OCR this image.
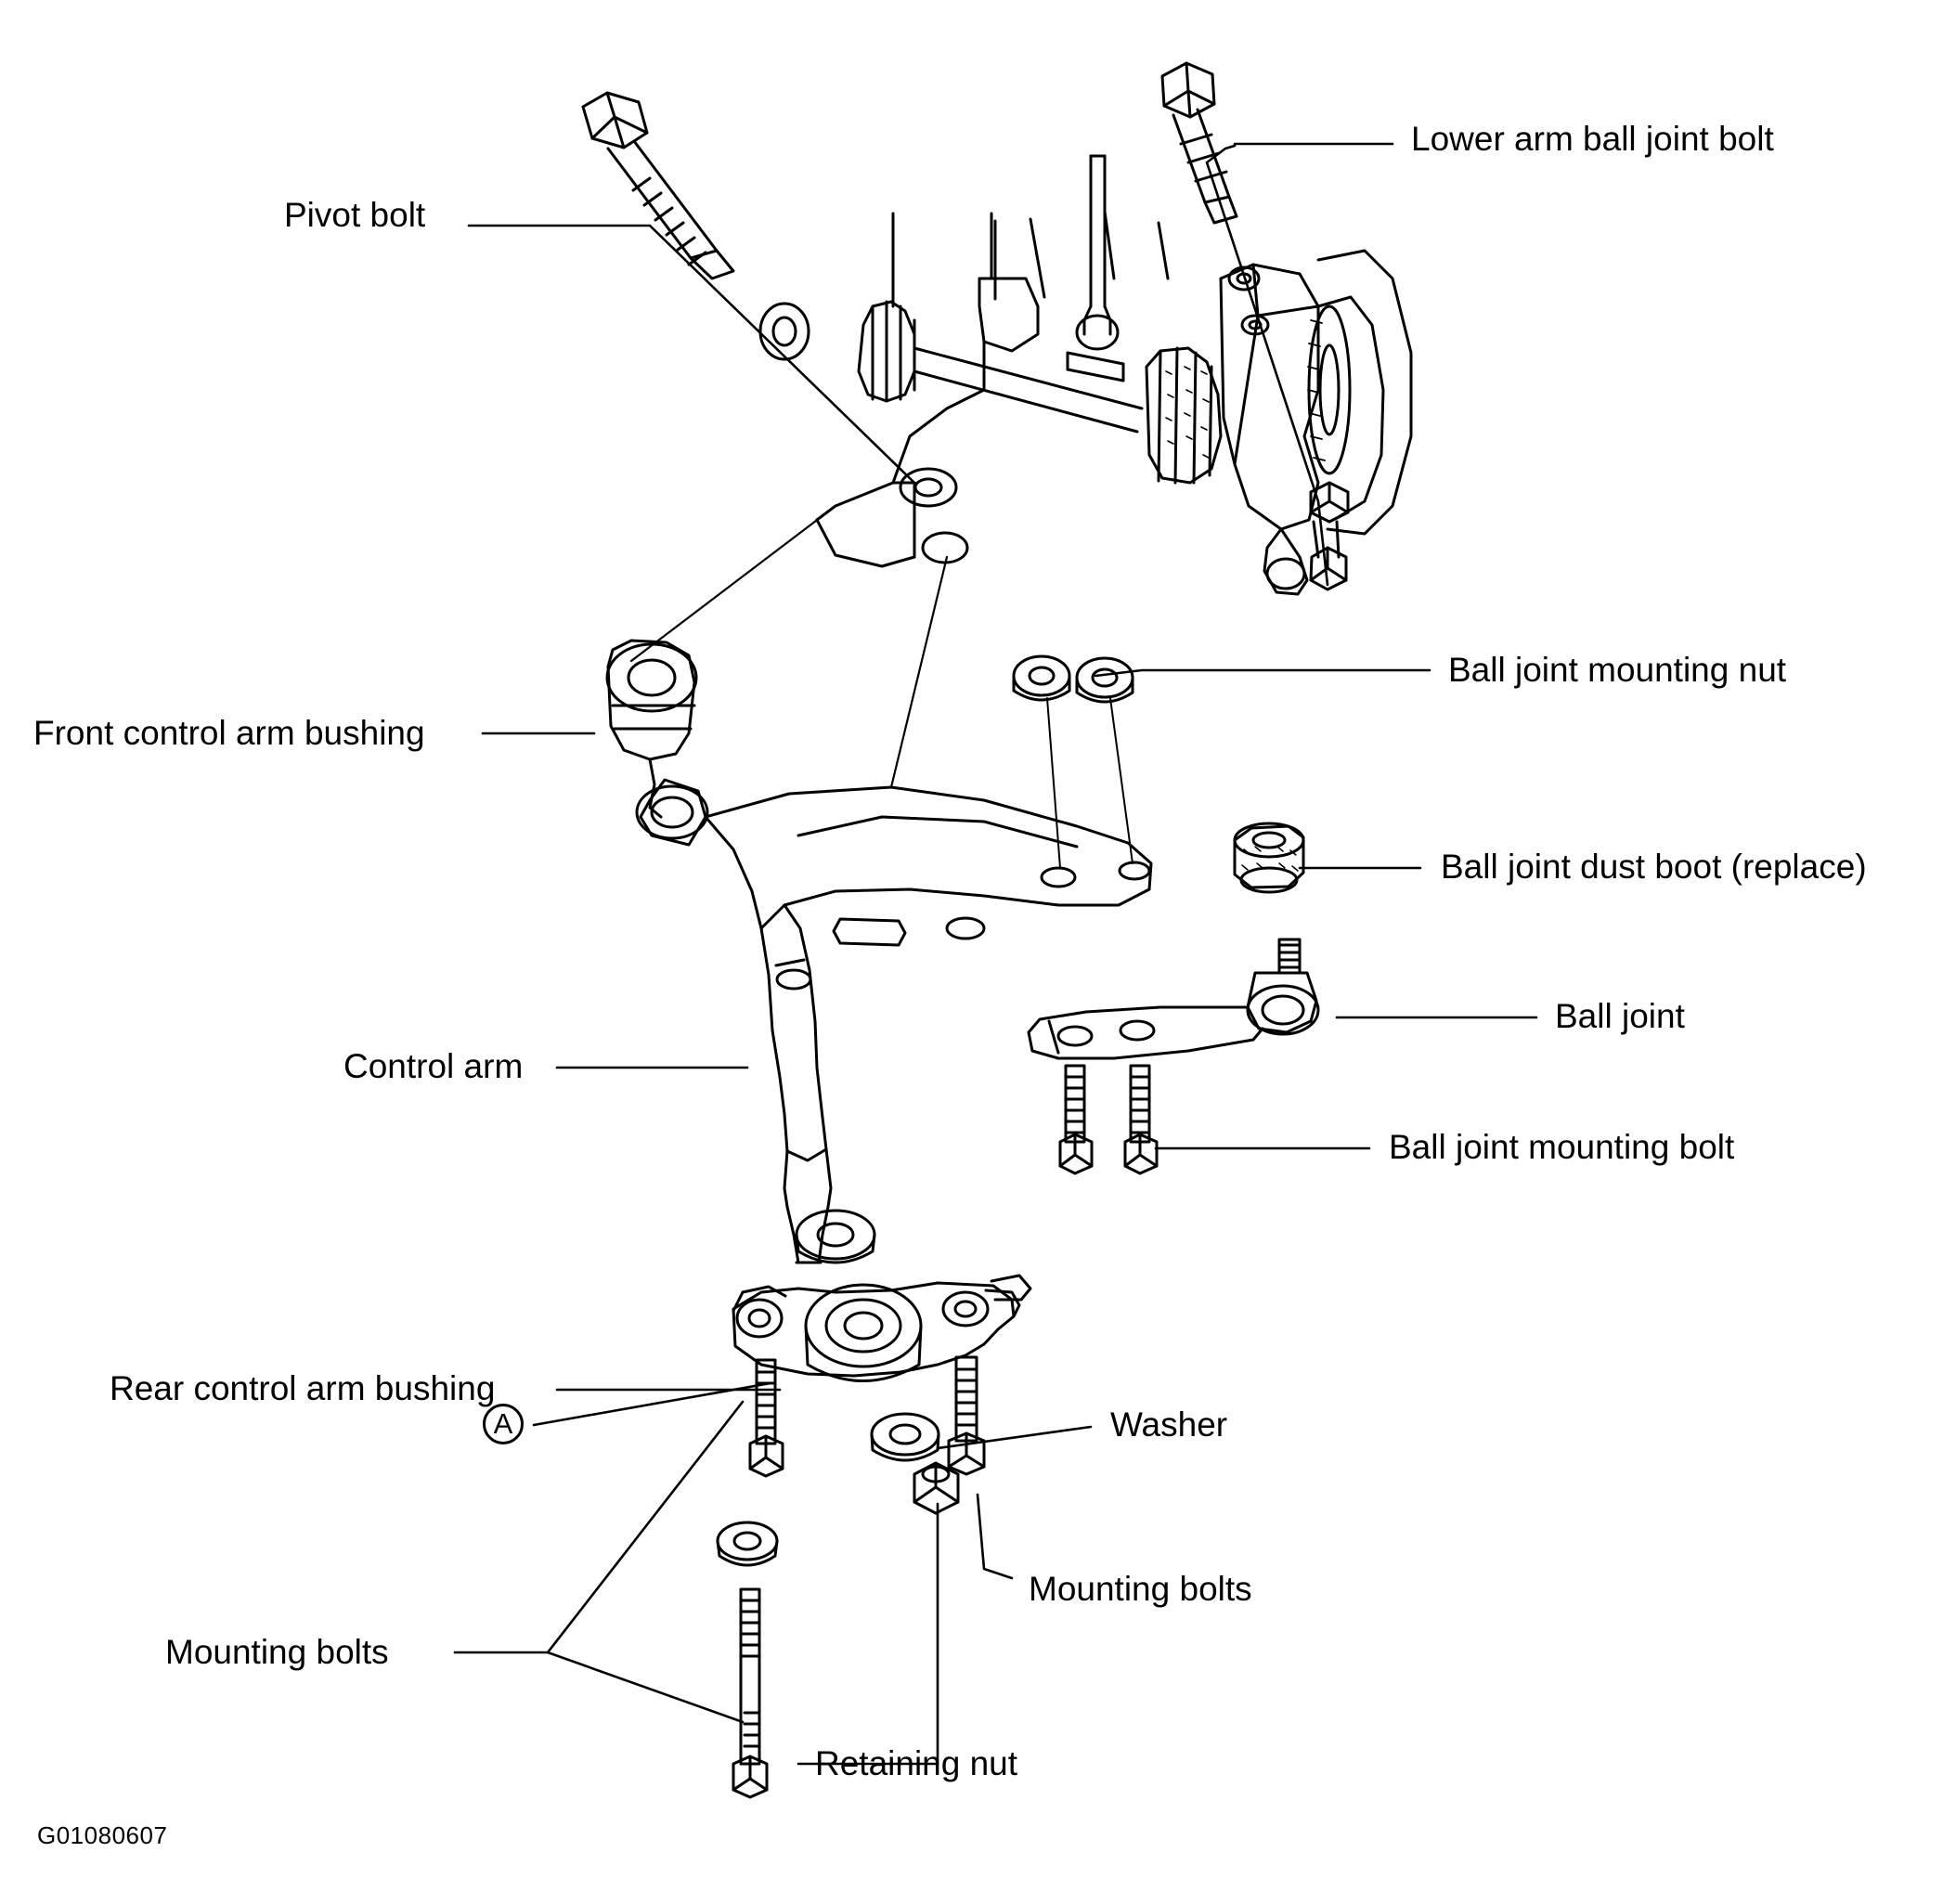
Pivot bolt
Lower arm ball joint bolt
Front control arm bushing
Ball joint mounting nut
Ball joint dust boot (replace)
Ball joint
Ball joint mounting bolt
Control arm
Rear control arm bushing
A	Washer
Mounting bolts
Mounting bolts
Retaining nut
G01080607
